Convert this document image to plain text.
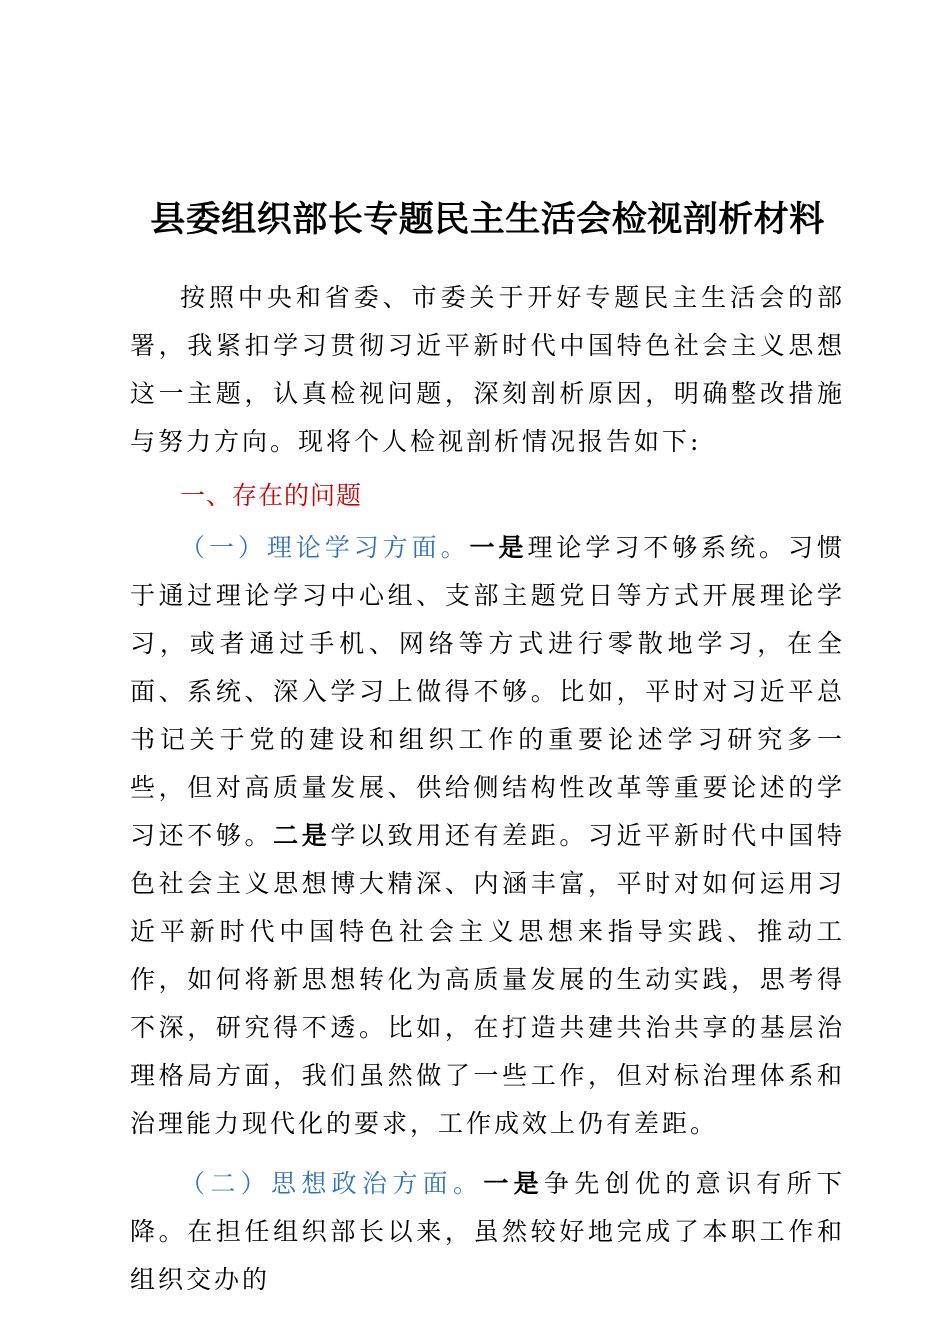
县委组织部长专题民主生活会检视剖析材料

按照中央和省委、市委关于开好专题民主生活会的部署，我紧扣学习贯彻习近平新时代中国特色社会主义思想这一主题，认真检视问题，深刻剖析原因，明确整改措施与努力方向。现将个人检视剖析情况报告如下:

一、存在的问题

（一）理论学习方面。一是理论学习不够系统。习惯于通过理论学习中心组、支部主题党日等方式开展理论学习，或者通过手机、网络等方式进行零散地学习，在全面、系统、深入学习上做得不够。比如，平时对习近平总书记关于党的建设和组织工作的重要论述学习研究多一些，但对高质量发展、供给侧结构性改革等重要论述的学习还不够。二是学以致用还有差距。习近平新时代中国特色社会主义思想博大精深、内涵丰富，平时对如何运用习近平新时代中国特色社会主义思想来指导实践、推动工作，如何将新思想转化为高质量发展的生动实践，思考得不深，研究得不透。比如，在打造共建共治共享的基层治理格局方面，我们虽然做了一些工作，但对标治理体系和治理能力现代化的要求，工作成效上仍有差距。

（二）思想政治方面。一是争先创优的意识有所下降。在担任组织部长以来，虽然较好地完成了本职工作和组织交办的
